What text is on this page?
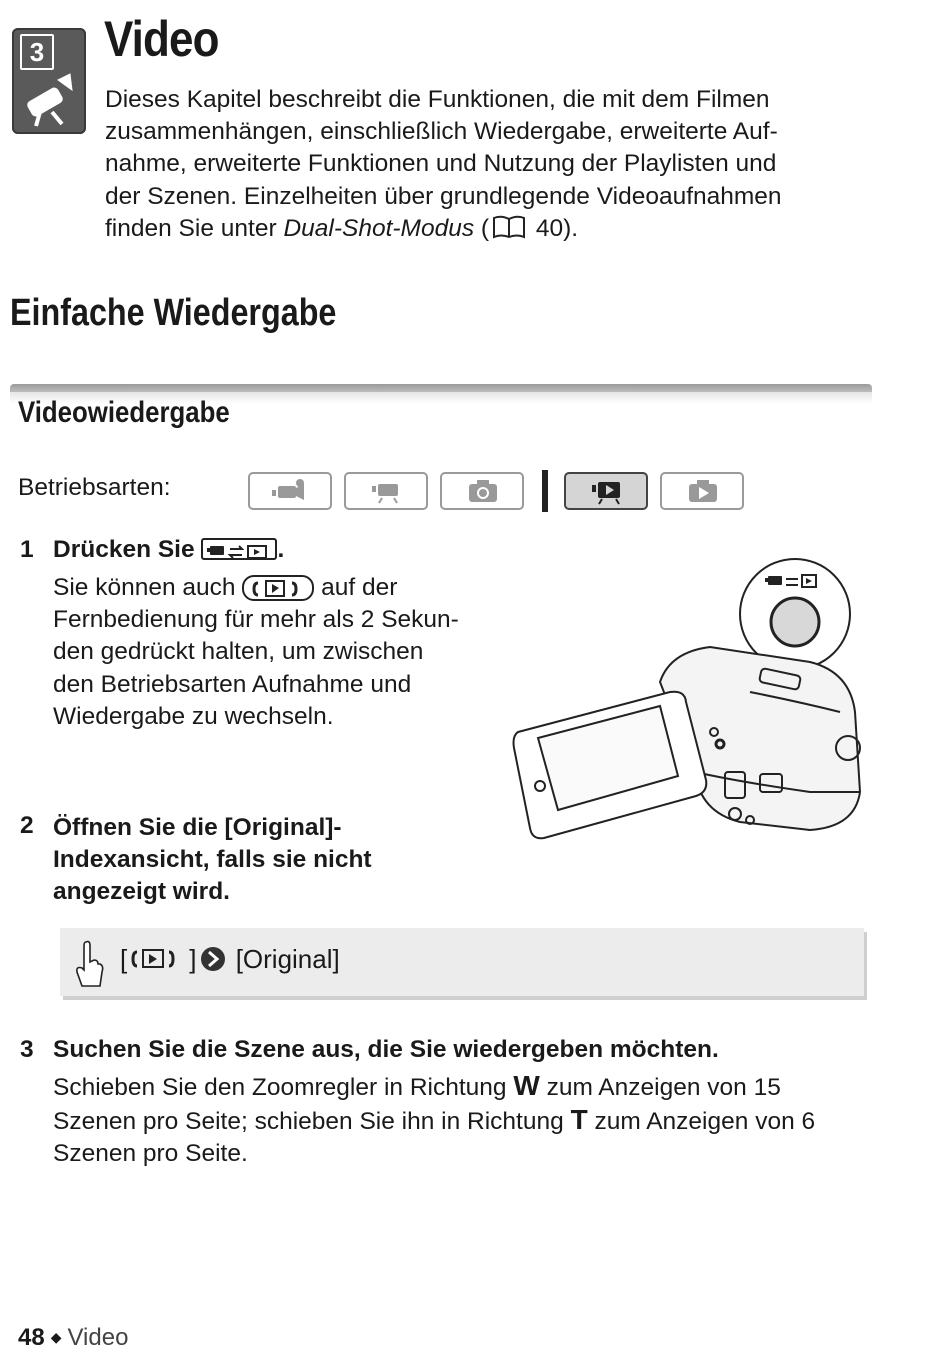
3 Video
Dieses Kapitel beschreibt die Funktionen, die mit dem Filmen
zusammenhängen, einschließlich Wiedergabe, erweiterte Auf-
nahme, erweiterte Funktionen und Nutzung der Playlisten und
der Szenen. Einzelheiten über grundlegende Videoaufnahmen
finden Sie unter Dual-Shot-Modus ( 40).
Einfache Wiedergabe
Videowiedergabe
Betriebsarten:
1 Drücken Sie	.
Sie können auch	auf der
Fernbedienung für mehr als 2 Sekun-
den gedrückt halten, um zwischen
den Betriebsarten Aufnahme und
Wiedergabe zu wechseln.
2 Öffnen Sie die [Original]-
Indexansicht, falls sie nicht
angezeigt wird.
[ ] [Original]
3 Suchen Sie die Szene aus, die Sie wiedergeben möchten.
Schieben Sie den Zoomregler in Richtung W zum Anzeigen von 15
Szenen pro Seite; schieben Sie ihn in Richtung T zum Anzeigen von 6
Szenen pro Seite.
48 ◆ Video
